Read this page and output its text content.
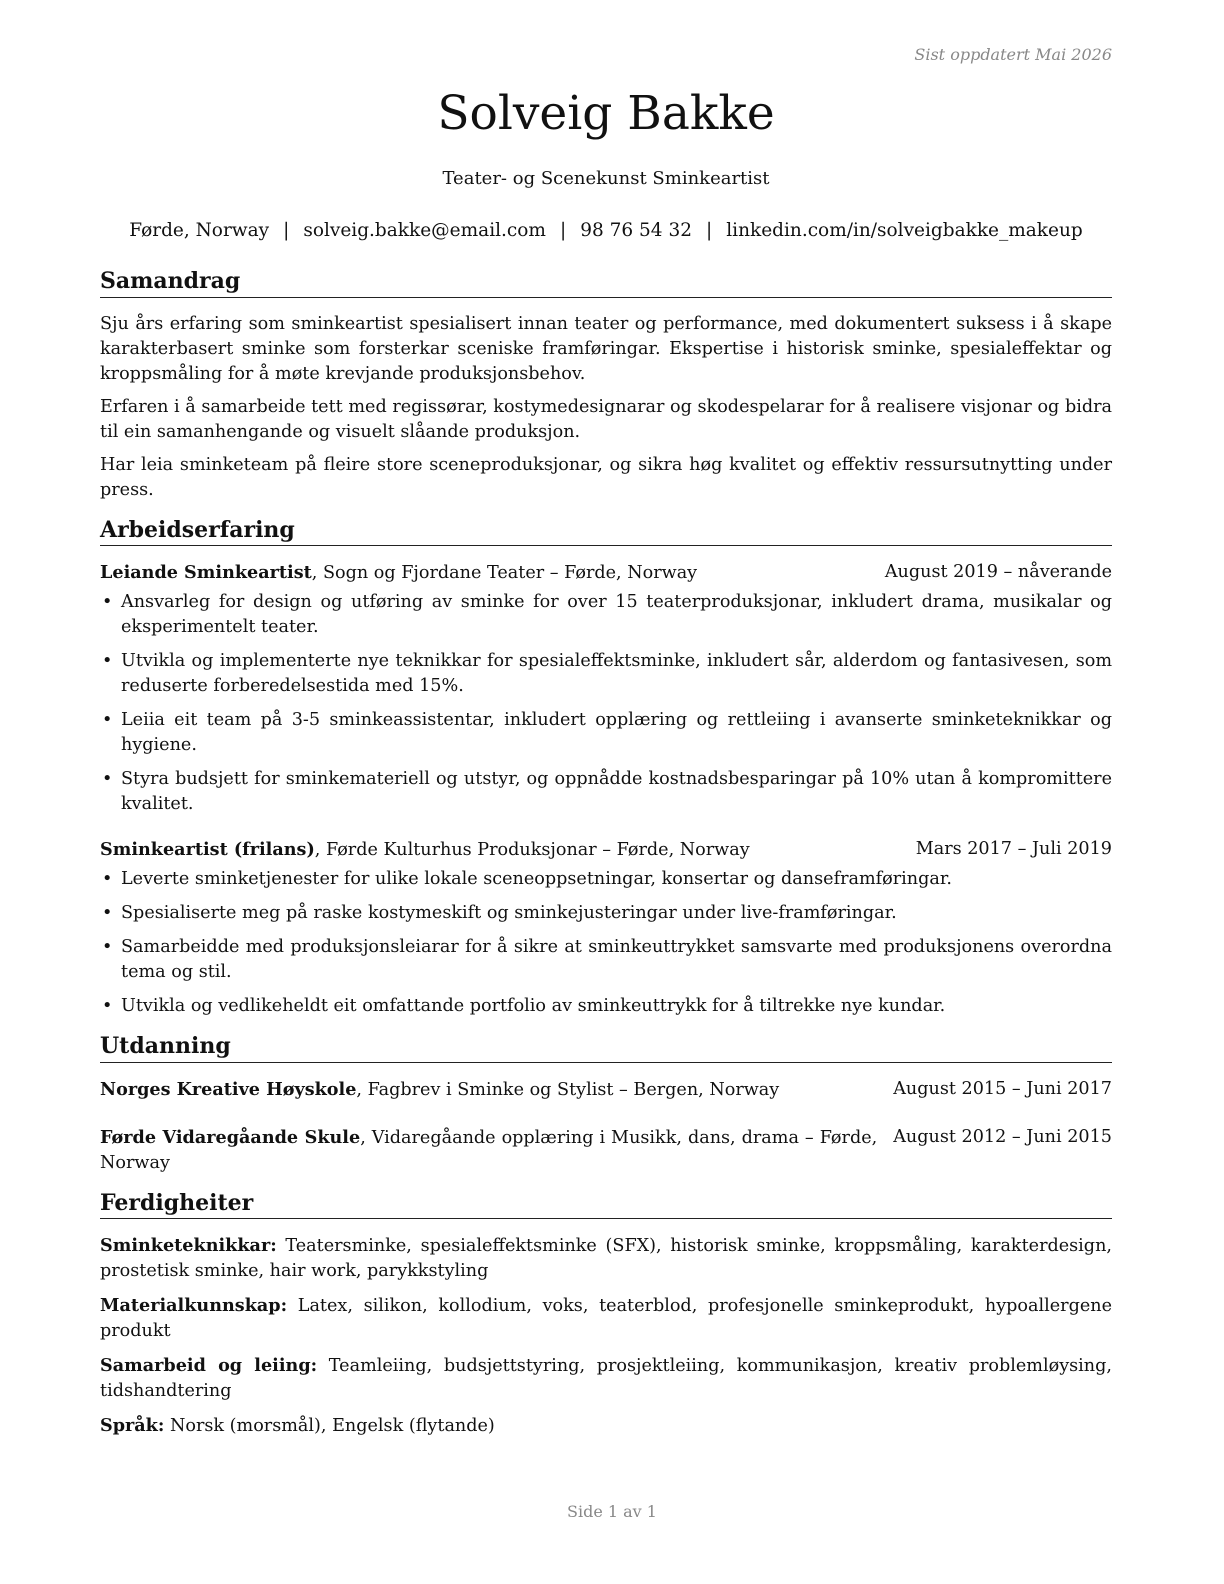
Sist oppdatert Mai 2026
Solveig Bakke
Teater- og Scenekunst Sminkeartist
Førde, Norway | solveig.bakke@email.com | 98 76 54 32 | linkedin.com/in/solveigbakke_makeup
Samandrag

Sju års erfaring som sminkeartist spesialisert innan teater og performance, med dokumentert suksess i å skape karakterbasert sminke som forsterkar sceniske framføringar. Ekspertise i historisk sminke, spesialeffektar og kroppsmåling for å møte krevjande produksjonsbehov.

Erfaren i å samarbeide tett med regissørar, kostymedesignarar og skodespelarar for å realisere visjonar og bidra til ein samanhengande og visuelt slåande produksjon.

Har leia sminketeam på fleire store sceneproduksjonar, og sikra høg kvalitet og effektiv ressursutnytting under press.

Arbeidserfaring
Leiande Sminkeartist, Sogn og Fjordane Teater – Førde, Norway	August 2019 – nåverande
• Ansvarleg for design og utføring av sminke for over 15 teaterproduksjonar, inkludert drama, musikalar og eksperimentelt teater.
• Utvikla og implementerte nye teknikkar for spesialeffektsminke, inkludert sår, alderdom og fantasivesen, som reduserte forberedelsestida med 15%.
• Leiia eit team på 3-5 sminkeassistentar, inkludert opplæring og rettleiing i avanserte sminketeknikkar og hygiene.
• Styra budsjett for sminkemateriell og utstyr, og oppnådde kostnadsbesparingar på 10% utan å kompromittere kvalitet.
Sminkeartist (frilans), Førde Kulturhus Produksjonar – Førde, Norway	Mars 2017 – Juli 2019
• Leverte sminketjenester for ulike lokale sceneoppsetningar, konsertar og danseframføringar.
• Spesialiserte meg på raske kostymeskift og sminkejusteringar under live-framføringar.
• Samarbeidde med produksjonsleiarar for å sikre at sminkeuttrykket samsvarte med produksjonens overordna tema og stil.
• Utvikla og vedlikeheldt eit omfattande portfolio av sminkeuttrykk for å tiltrekke nye kundar.
Utdanning
Norges Kreative Høyskole, Fagbrev i Sminke og Stylist – Bergen, Norway	August 2015 – Juni 2017
Førde Vidaregåande Skule, Vidaregåande opplæring i Musikk, dans, drama – Førde, Norway
August 2012 – Juni 2015
Ferdigheiter

Sminketeknikkar: Teatersminke, spesialeffektsminke (SFX), historisk sminke, kroppsmåling, karakterdesign, prostetisk sminke, hair work, parykkstyling

Materialkunnskap: Latex, silikon, kollodium, voks, teaterblod, profesjonelle sminkeprodukt, hypoallergene produkt

Samarbeid og leiing: Teamleiing, budsjettstyring, prosjektleiing, kommunikasjon, kreativ problemløysing, tidshandtering

Språk: Norsk (morsmål), Engelsk (flytande)

Side 1 av 1
